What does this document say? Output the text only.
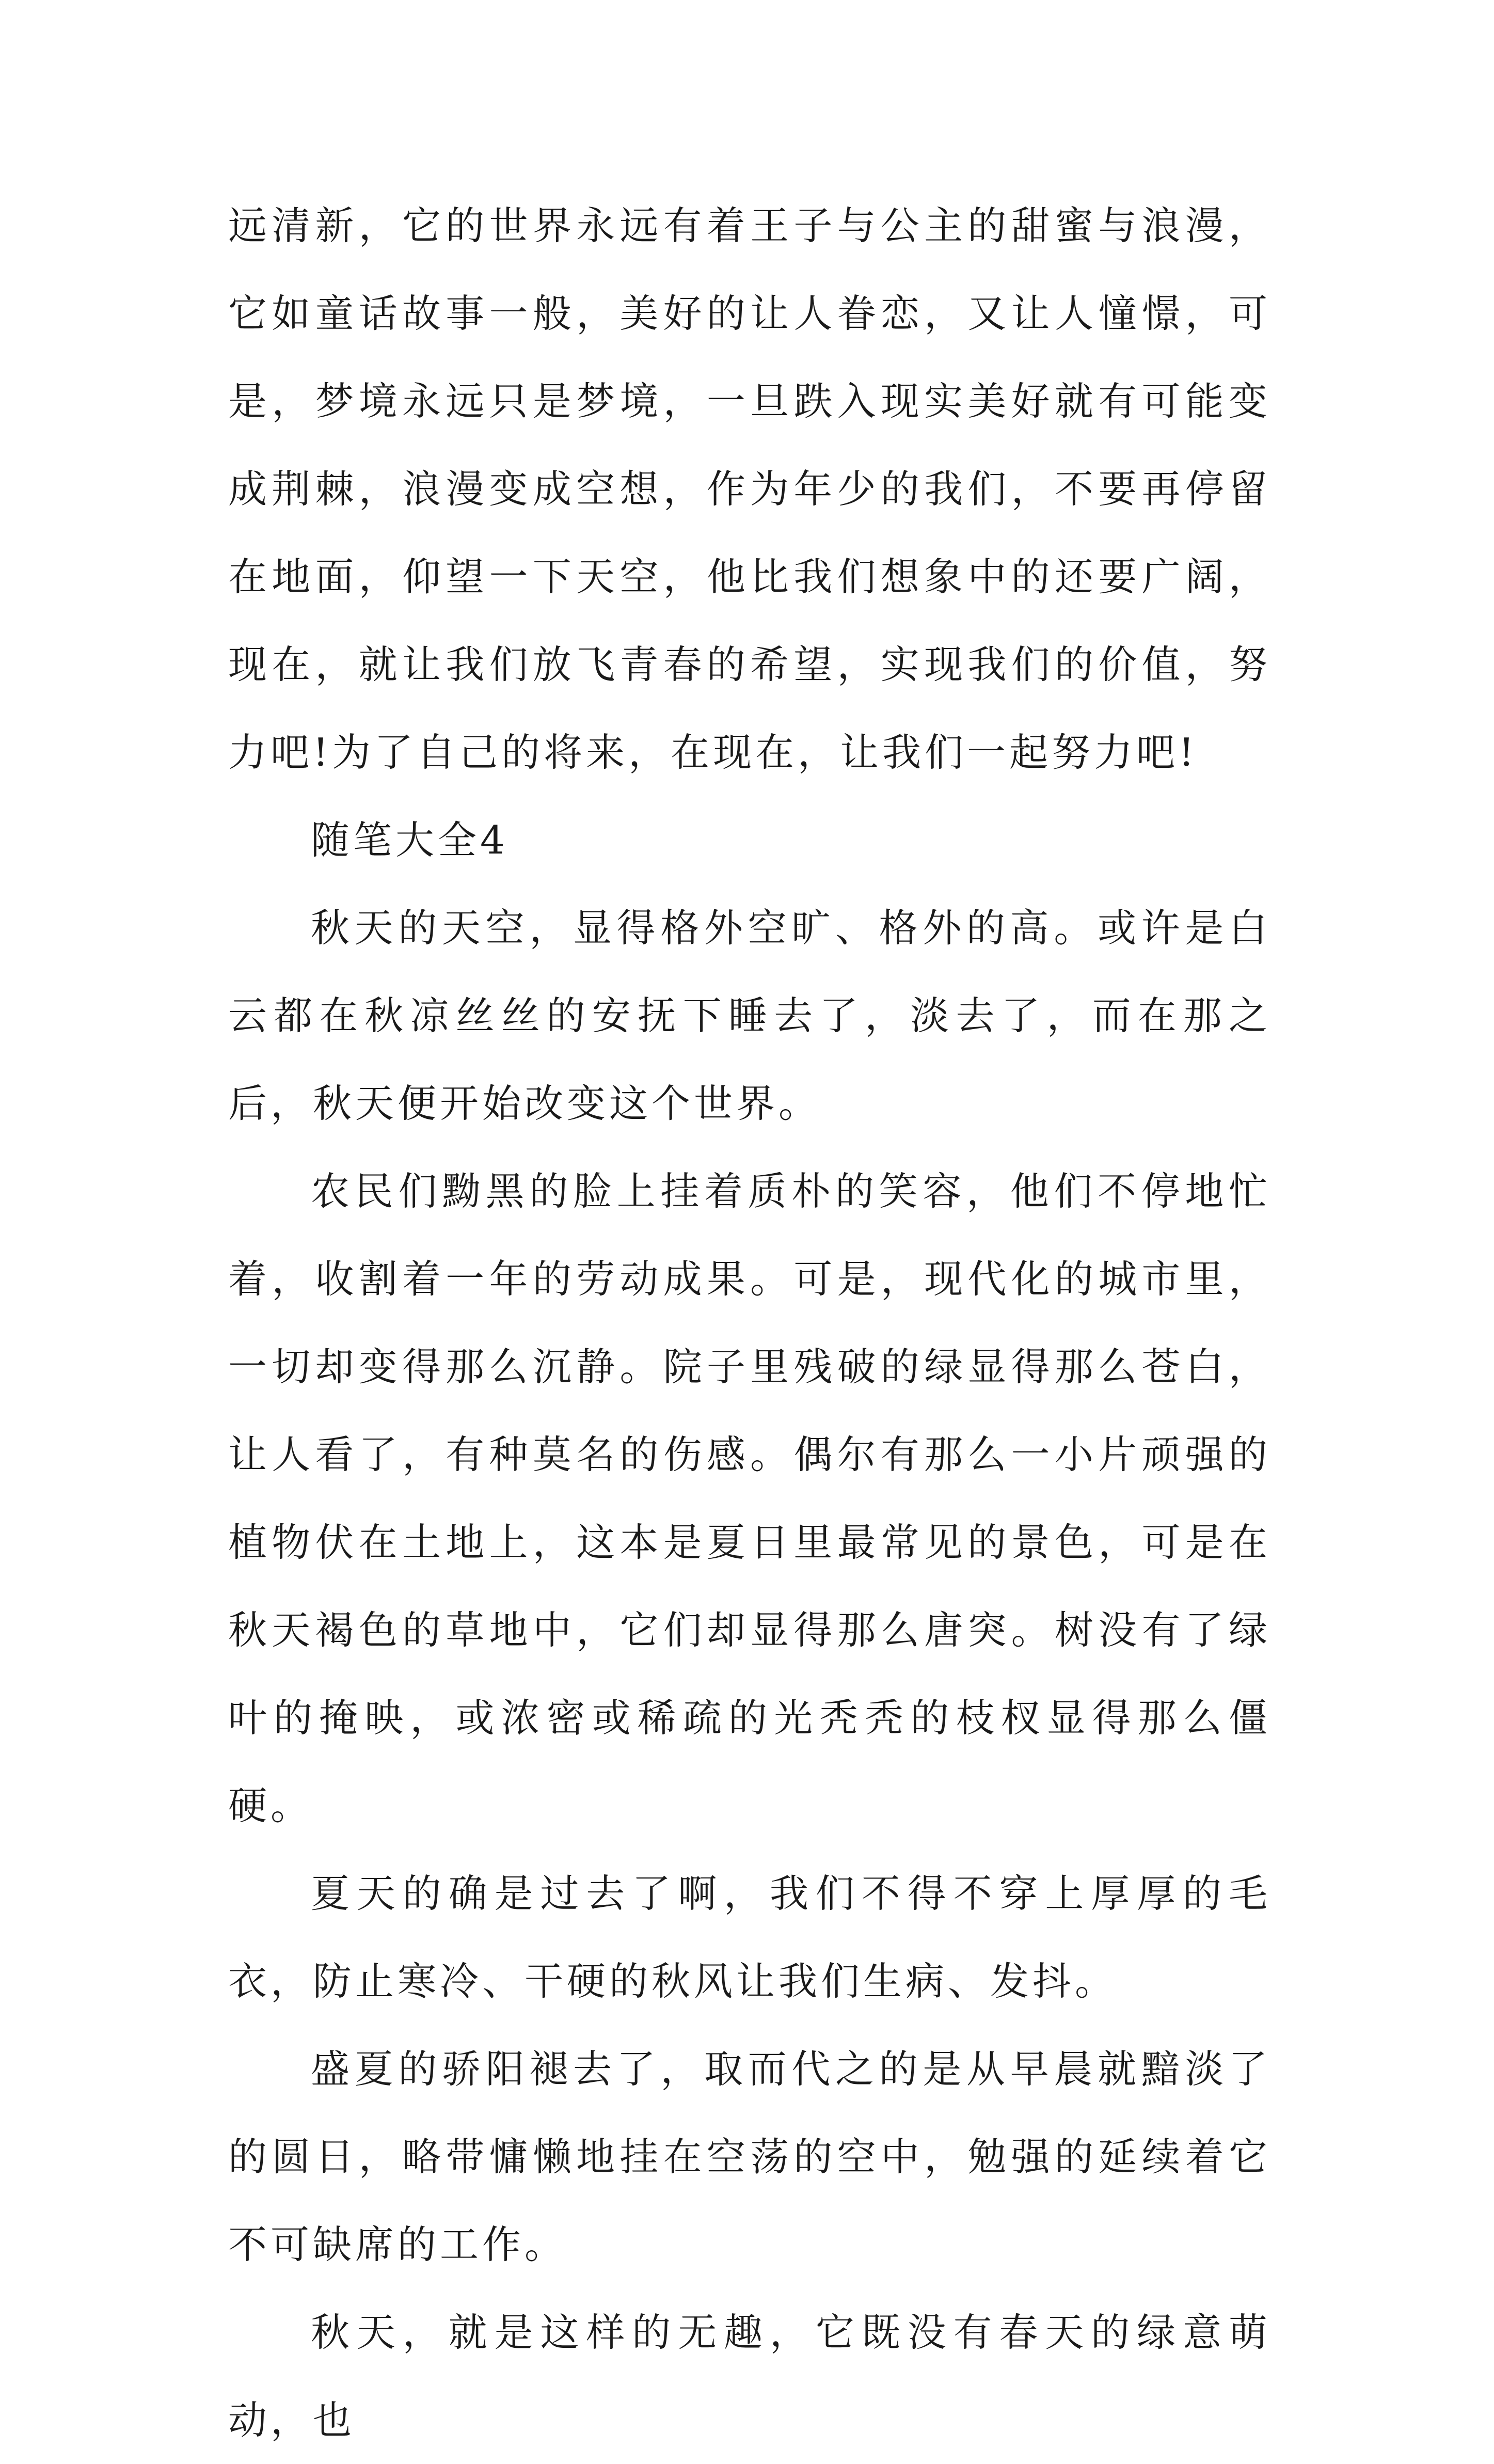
远清新，它的世界永远有着王子与公主的甜蜜与浪漫，它如童话故事一般，美好的让人眷恋，又让人憧憬，可是，梦境永远只是梦境，一旦跌入现实美好就有可能变成荆棘，浪漫变成空想，作为年少的我们，不要再停留在地面，仰望一下天空，他比我们想象中的还要广阔，现在，就让我们放飞青春的希望，实现我们的价值，努力吧!为了自己的将来，在现在，让我们一起努力吧!

随笔大全4

秋天的天空，显得格外空旷、格外的高。或许是白云都在秋凉丝丝的安抚下睡去了，淡去了，而在那之后，秋天便开始改变这个世界。

农民们黝黑的脸上挂着质朴的笑容，他们不停地忙着，收割着一年的劳动成果。可是，现代化的城市里，一切却变得那么沉静。院子里残破的绿显得那么苍白，让人看了，有种莫名的伤感。偶尔有那么一小片顽强的植物伏在土地上，这本是夏日里最常见的景色，可是在秋天褐色的草地中，它们却显得那么唐突。树没有了绿叶的掩映，或浓密或稀疏的光秃秃的枝杈显得那么僵硬。

夏天的确是过去了啊，我们不得不穿上厚厚的毛衣，防止寒冷、干硬的秋风让我们生病、发抖。

盛夏的骄阳褪去了，取而代之的是从早晨就黯淡了的圆日，略带慵懒地挂在空荡的空中，勉强的延续着它不可缺席的工作。

秋天，就是这样的无趣，它既没有春天的绿意萌动，也
